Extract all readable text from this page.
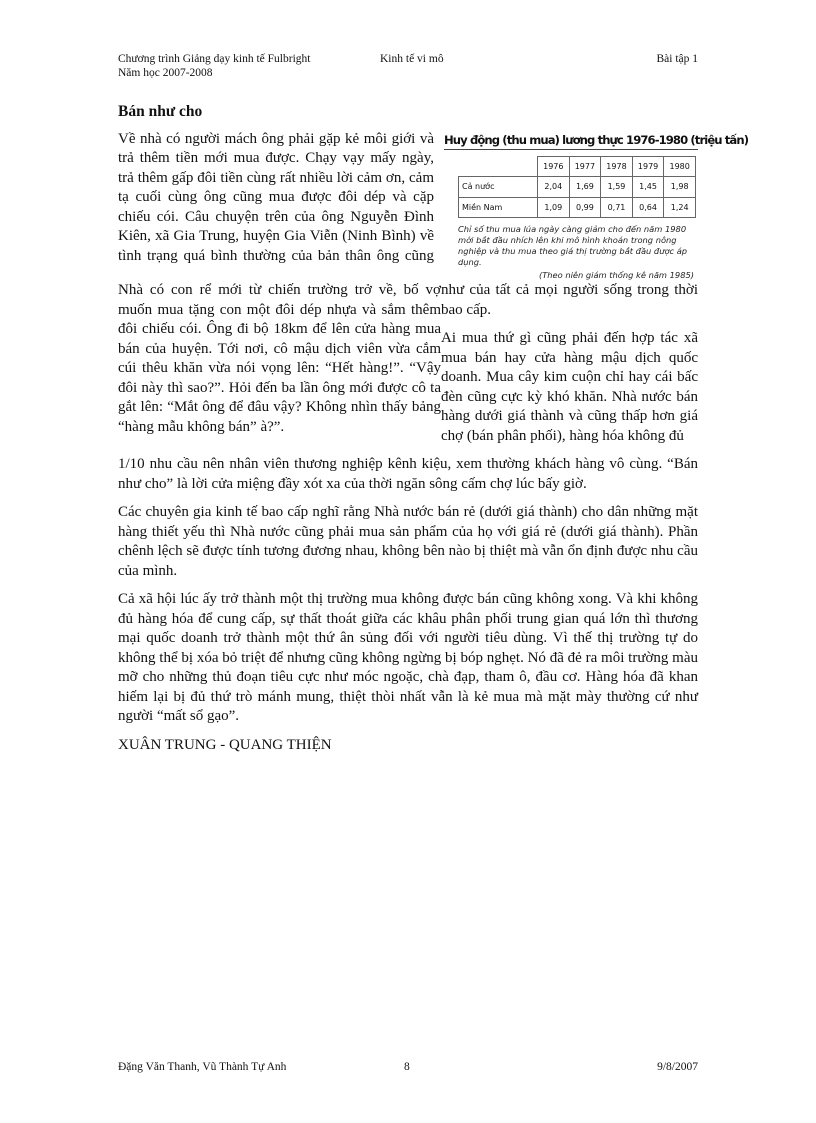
Chương trình Giảng dạy kinh tế Fulbright
Năm học 2007-2008
Kinh tế vi mô	Bài tập 1
Bán như cho
Huy động (thu mua) lương thực 1976-1980 (triệu tấn)
	1976	1977	1978	1979	1980
Cả nước	2,04	1,69	1,59	1,45	1,98
Miền Nam	1,09	0,99	0,71	0,64	1,24
Chỉ số thu mua lúa ngày càng giảm cho đến năm 1980 mới bắt đầu nhích lên khi mô hình khoán trong nông nghiệp và thu mua theo giá thị trường bắt đầu được áp dụng.
(Theo niên giám thống kê năm 1985)

Nhà có con rể mới từ chiến trường trở về, bố vợ muốn mua tặng con một đôi dép nhựa và sắm thêm đôi chiếu cói. Ông đi bộ 18km để lên cửa hàng mua bán của huyện. Tới nơi, cô mậu dịch viên vừa cắm cúi thêu khăn vừa nói vọng lên: “Hết hàng!”. “Vậy đôi này thì sao?”. Hỏi đến ba lần ông mới được cô ta gắt lên: “Mắt ông để đâu vậy? Không nhìn thấy bảng “hàng mẫu không bán” à?”.

Về nhà có người mách ông phải gặp kẻ môi giới và trả thêm tiền mới mua được. Chạy vạy mấy ngày, trả thêm gấp đôi tiền cùng rất nhiều lời cảm ơn, cảm tạ cuối cùng ông cũng mua được đôi dép và cặp chiếu cói. Câu chuyện trên của ông Nguyễn Đình Kiên, xã Gia Trung, huyện Gia Viễn (Ninh Bình) về tình trạng quá bình thường của bản thân ông cũng như của tất cả mọi người sống trong thời bao cấp.

Ai mua thứ gì cũng phải đến hợp tác xã mua bán hay cửa hàng mậu dịch quốc doanh. Mua cây kim cuộn chỉ hay cái bấc đèn cũng cực kỳ khó khăn. Nhà nước bán hàng dưới giá thành và cũng thấp hơn giá chợ (bán phân phối), hàng hóa không đủ

1/10 nhu cầu nên nhân viên thương nghiệp kênh kiệu, xem thường khách hàng vô cùng. “Bán như cho” là lời cửa miệng đầy xót xa của thời ngăn sông cấm chợ lúc bấy giờ.

Các chuyên gia kinh tế bao cấp nghĩ rằng Nhà nước bán rẻ (dưới giá thành) cho dân những mặt hàng thiết yếu thì Nhà nước cũng phải mua sản phẩm của họ với giá rẻ (dưới giá thành). Phần chênh lệch sẽ được tính tương đương nhau, không bên nào bị thiệt mà vẫn ổn định được nhu cầu của mình.

Cả xã hội lúc ấy trở thành một thị trường mua không được bán cũng không xong. Và khi không đủ hàng hóa để cung cấp, sự thất thoát giữa các khâu phân phối trung gian quá lớn thì thương mại quốc doanh trở thành một thứ ân sủng đối với người tiêu dùng. Vì thế thị trường tự do không thể bị xóa bỏ triệt để nhưng cũng không ngừng bị bóp nghẹt. Nó đã đẻ ra môi trường màu mỡ cho những thủ đoạn tiêu cực như móc ngoặc, chà đạp, tham ô, đầu cơ. Hàng hóa đã khan hiếm lại bị đủ thứ trò mánh mung, thiệt thòi nhất vẫn là kẻ mua mà mặt mày thường cứ như người “mất sổ gạo”.

XUÂN TRUNG - QUANG THIỆN

Đặng Văn Thanh, Vũ Thành Tự Anh	8	9/8/2007
